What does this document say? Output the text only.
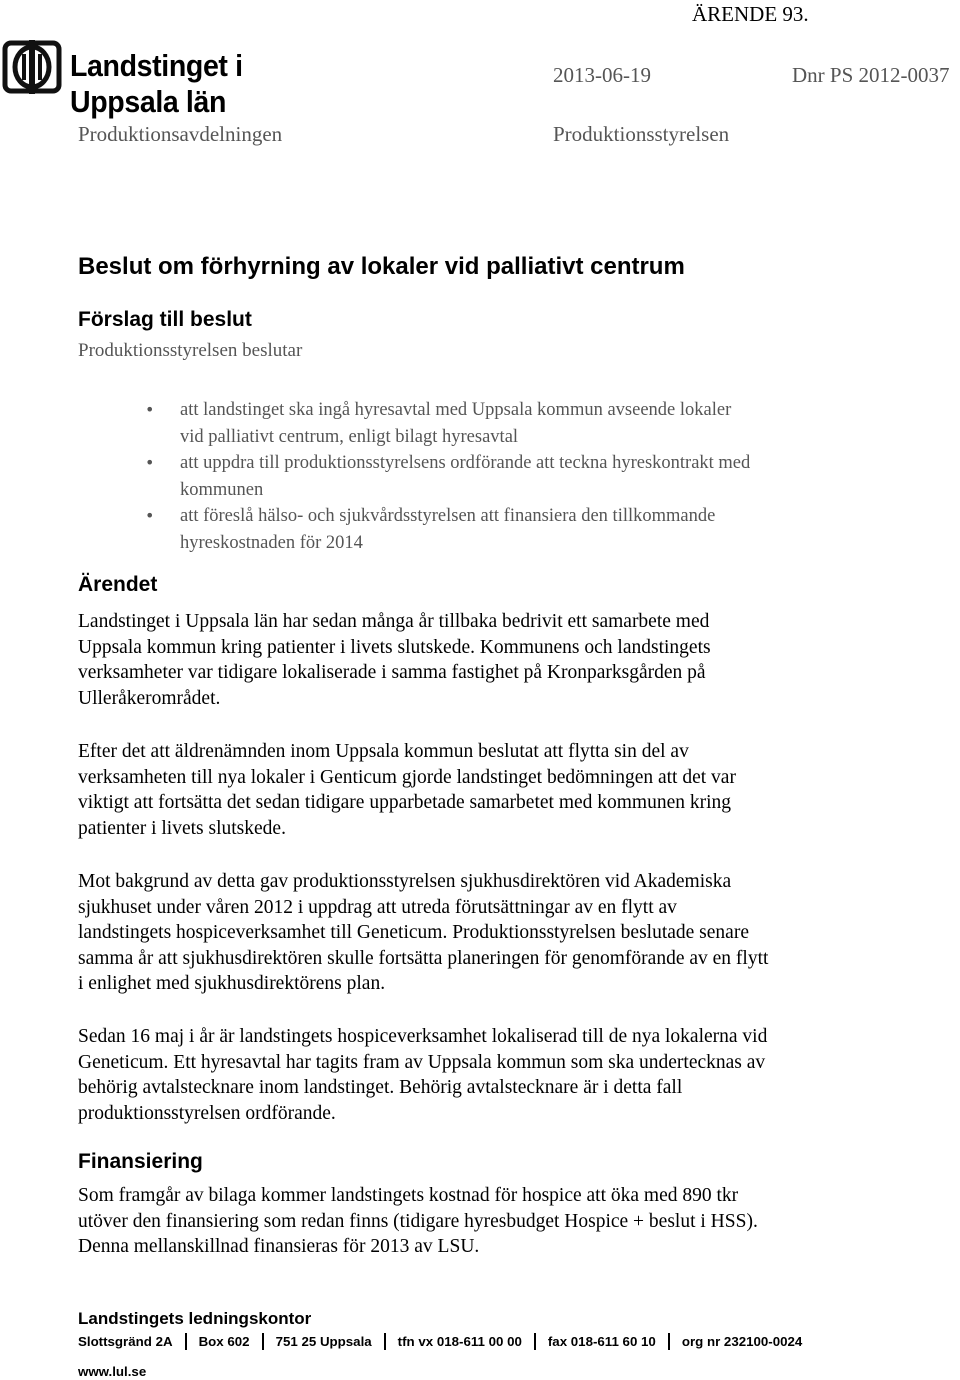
ÄRENDE 93.
Landstinget i Uppsala län
2013-06-19	Dnr PS 2012-0037
Produktionsavdelningen	Produktionsstyrelsen
Beslut om förhyrning av lokaler vid palliativt centrum
Förslag till beslut
Produktionsstyrelsen beslutar
• att landstinget ska ingå hyresavtal med Uppsala kommun avseende lokaler
vid palliativt centrum, enligt bilagt hyresavtal
• att uppdra till produktionsstyrelsens ordförande att teckna hyreskontrakt med
kommunen
• att föreslå hälso- och sjukvårdsstyrelsen att finansiera den tillkommande
hyreskostnaden för 2014
Ärendet

Landstinget i Uppsala län har sedan många år tillbaka bedrivit ett samarbete med
Uppsala kommun kring patienter i livets slutskede. Kommunens och landstingets
verksamheter var tidigare lokaliserade i samma fastighet på Kronparksgården på
Ulleråkerområdet.

Efter det att äldrenämnden inom Uppsala kommun beslutat att flytta sin del av
verksamheten till nya lokaler i Genticum gjorde landstinget bedömningen att det var
viktigt att fortsätta det sedan tidigare upparbetade samarbetet med kommunen kring
patienter i livets slutskede.

Mot bakgrund av detta gav produktionsstyrelsen sjukhusdirektören vid Akademiska
sjukhuset under våren 2012 i uppdrag att utreda förutsättningar av en flytt av
landstingets hospiceverksamhet till Geneticum. Produktionsstyrelsen beslutade senare
samma år att sjukhusdirektören skulle fortsätta planeringen för genomförande av en flytt
i enlighet med sjukhusdirektörens plan.

Sedan 16 maj i år är landstingets hospiceverksamhet lokaliserad till de nya lokalerna vid
Geneticum. Ett hyresavtal har tagits fram av Uppsala kommun som ska undertecknas av
behörig avtalstecknare inom landstinget. Behörig avtalstecknare är i detta fall
produktionsstyrelsen ordförande.

Finansiering

Som framgår av bilaga kommer landstingets kostnad för hospice att öka med 890 tkr
utöver den finansiering som redan finns (tidigare hyresbudget Hospice + beslut i HSS).
Denna mellanskillnad finansieras för 2013 av LSU.

Landstingets ledningskontor
Slottsgränd 2A	Box 602	751 25 Uppsala	tfn vx 018-611 00 00	fax 018-611 60 10	org nr 232100-0024
www.lul.se
